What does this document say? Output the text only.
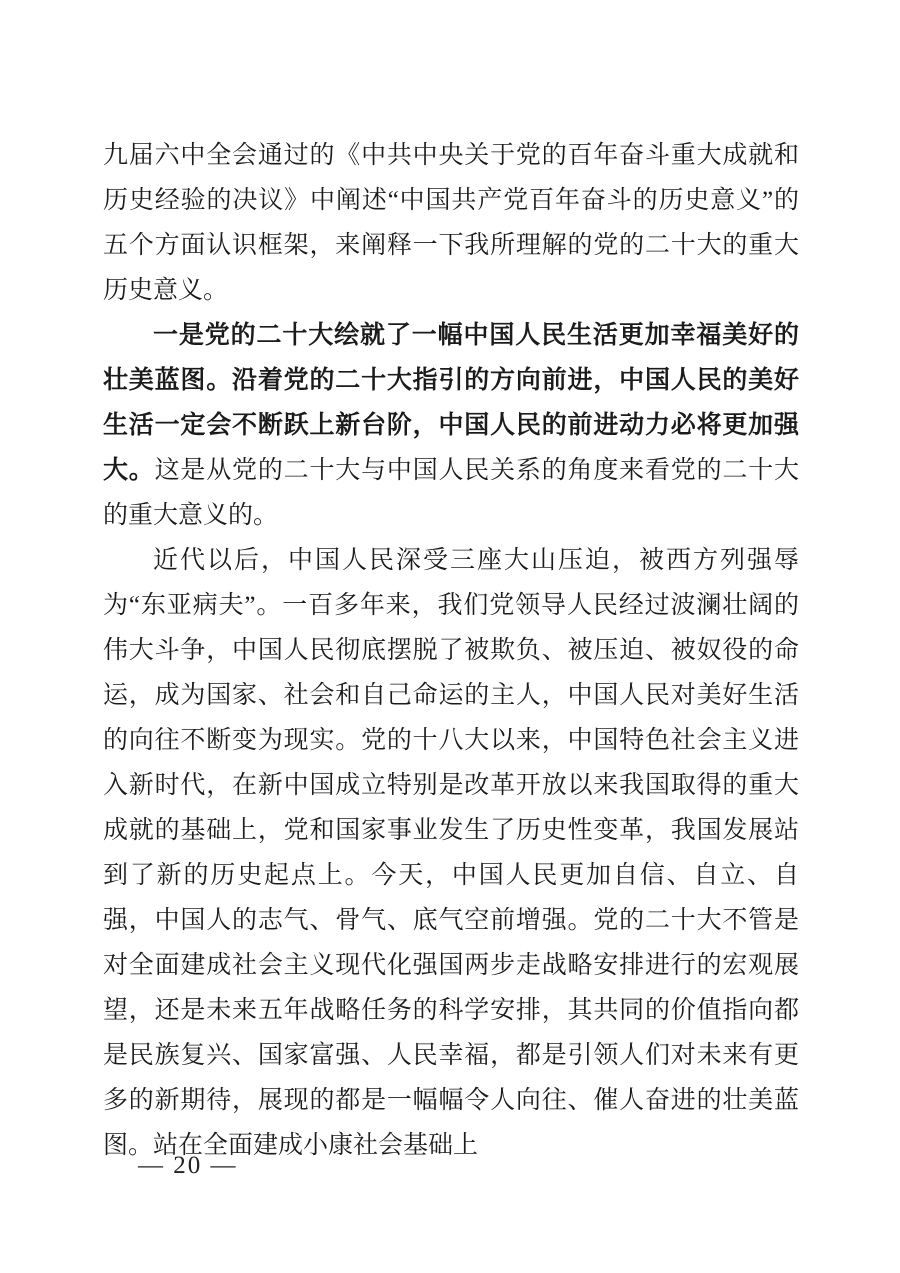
九届六中全会通过的《中共中央关于党的百年奋斗重大成就和历史经验的决议》中阐述“中国共产党百年奋斗的历史意义”的五个方面认识框架，来阐释一下我所理解的党的二十大的重大历史意义。

一是党的二十大绘就了一幅中国人民生活更加幸福美好的壮美蓝图。沿着党的二十大指引的方向前进，中国人民的美好生活一定会不断跃上新台阶，中国人民的前进动力必将更加强大。这是从党的二十大与中国人民关系的角度来看党的二十大的重大意义的。

近代以后，中国人民深受三座大山压迫，被西方列强辱为“东亚病夫”。一百多年来，我们党领导人民经过波澜壮阔的伟大斗争，中国人民彻底摆脱了被欺负、被压迫、被奴役的命运，成为国家、社会和自己命运的主人，中国人民对美好生活的向往不断变为现实。党的十八大以来，中国特色社会主义进入新时代，在新中国成立特别是改革开放以来我国取得的重大成就的基础上，党和国家事业发生了历史性变革，我国发展站到了新的历史起点上。今天，中国人民更加自信、自立、自强，中国人的志气、骨气、底气空前增强。党的二十大不管是对全面建成社会主义现代化强国两步走战略安排进行的宏观展望，还是未来五年战略任务的科学安排，其共同的价值指向都是民族复兴、国家富强、人民幸福，都是引领人们对未来有更多的新期待，展现的都是一幅幅令人向往、催人奋进的壮美蓝图。站在全面建成小康社会基础上

— 20 —
